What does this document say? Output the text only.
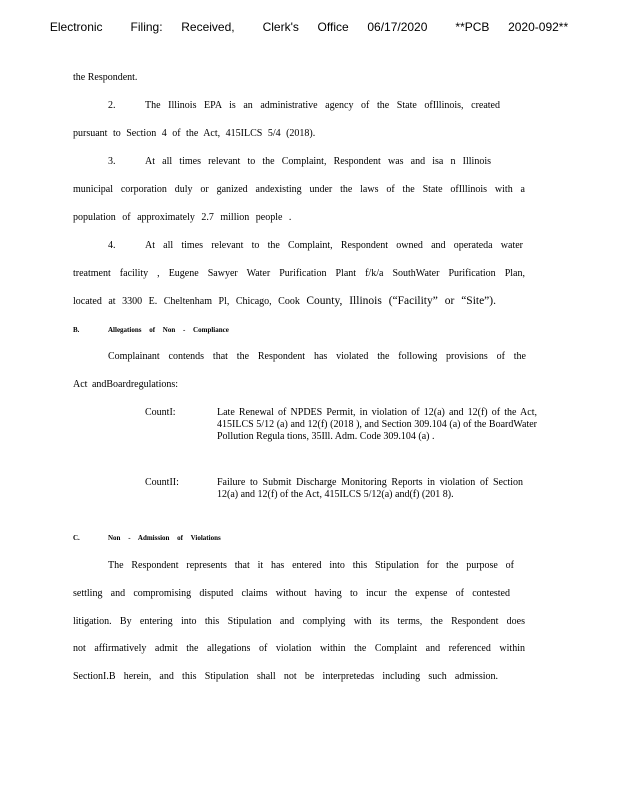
Electronic   Filing:  Received,   Clerk's  Office  06/17/2020   **PCB  2020-092**
the Respondent.
2.	The Illinois EPA is an administrative agency of the State ofIllinois, created
pursuant to Section 4 of the Act, 415ILCS 5/4 (2018).
3.	At all times relevant to the Complaint, Respondent was and isa n Illinois
municipal corporation duly or ganized andexisting under the laws of the State ofIllinois with a
population of approximately 2.7 million people .
4.	At all times relevant to the Complaint, Respondent owned and operateda water
treatment facility , Eugene Sawyer Water Purification Plant f/k/a SouthWater Purification Plan,
located at 3300 E. Cheltenham Pl, Chicago, Cook County, Illinois (“Facility” or “Site”).
B.	Allegations of Non - Compliance
Complainant contends that the Respondent has violated the following provisions of the
Act andBoardregulations:
CountI:	Late Renewal of NPDES Permit, in violation of 12(a) and 12(f) of the Act, 415ILCS 5/12 (a) and 12(f) (2018 ), and Section 309.104 (a) of the BoardWater Pollution Regula tions, 35Ill. Adm. Code 309.104 (a) .
CountII:	Failure to Submit Discharge Monitoring Reports in violation of Section 12(a) and 12(f) of the Act, 415ILCS 5/12(a) and(f) (201 8).
C.	Non - Admission of Violations
The Respondent represents that it has entered into this Stipulation for the purpose of
settling and compromising disputed claims without having to incur the expense of contested
litigation. By entering into this Stipulation and complying with its terms, the Respondent does
not affirmatively admit the allegations of violation within the Complaint and referenced within
SectionI.B herein, and this Stipulation shall not be interpretedas including such admission.
